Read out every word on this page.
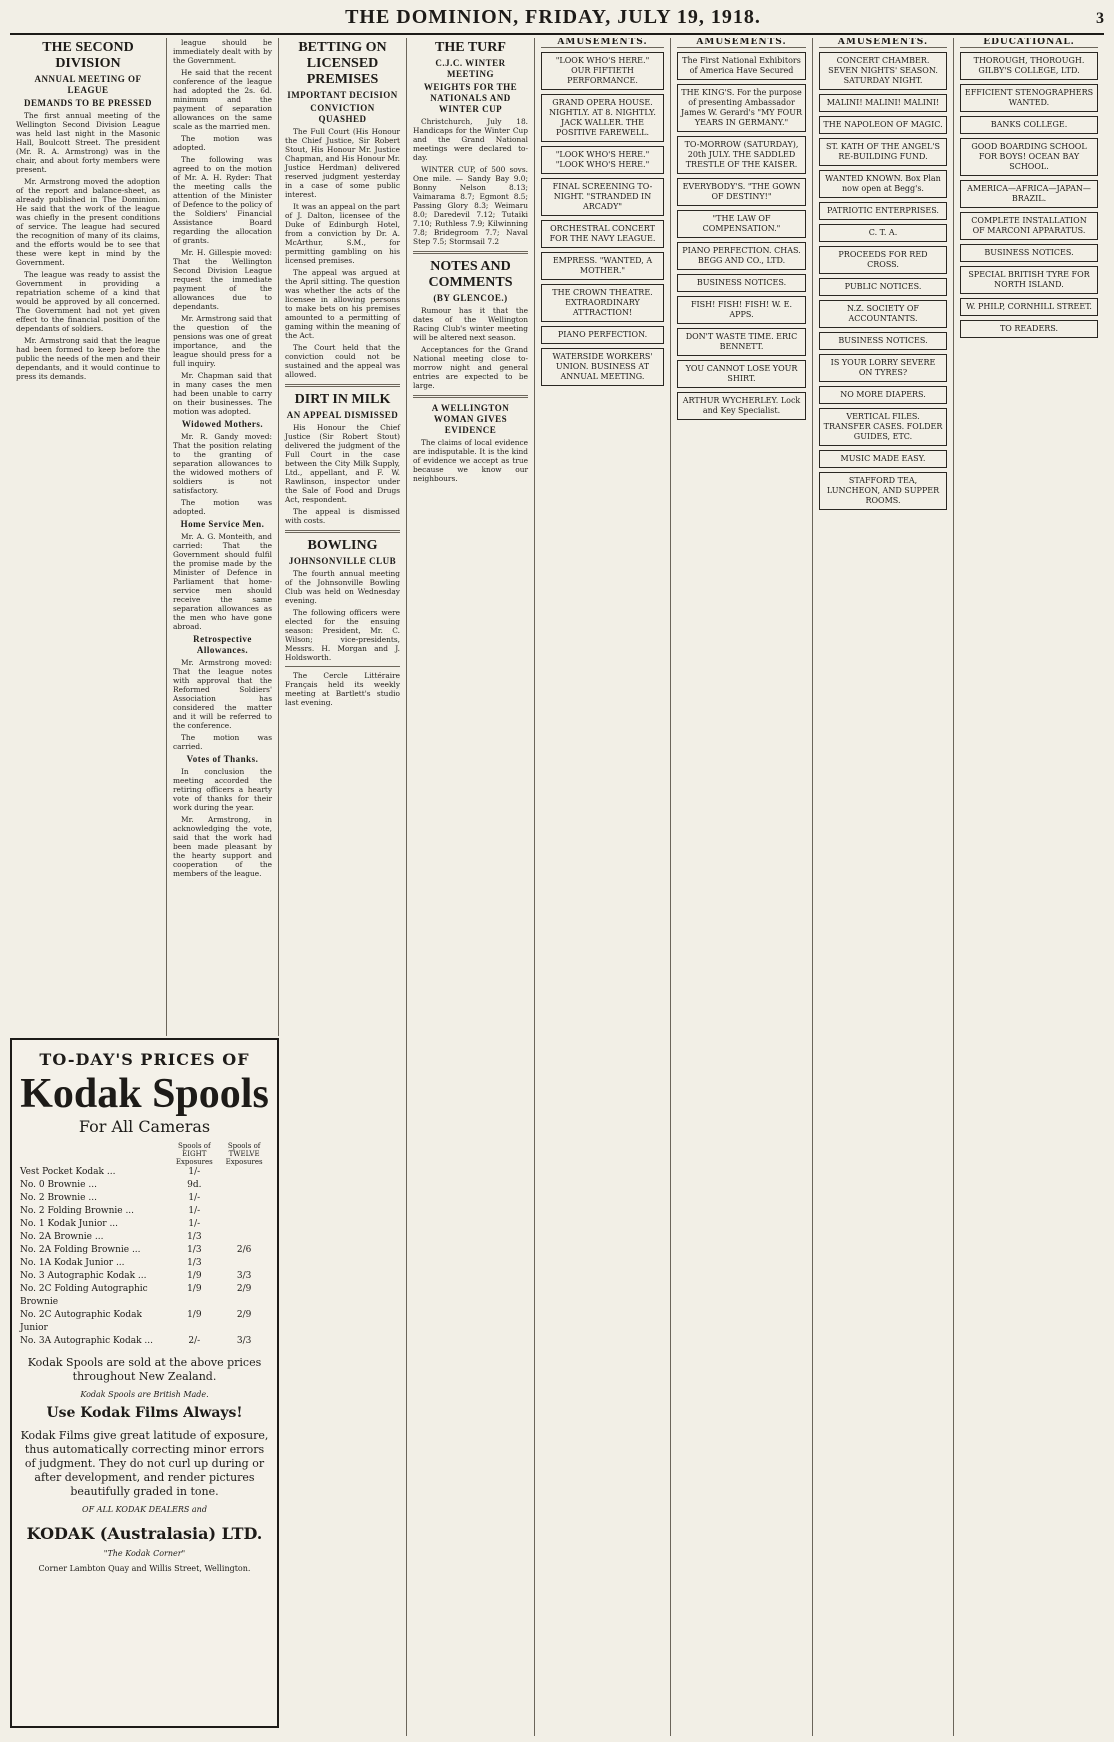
THE DOMINION, FRIDAY, JULY 19, 1918.	3
THE SECOND DIVISION
ANNUAL MEETING OF LEAGUE
DEMANDS TO BE PRESSED

The first annual meeting of the Wellington Second Division League was held last night in the Masonic Hall, Boulcott Street. The president (Mr. R. A. Armstrong) was in the chair, and about forty members were present.

Mr. Armstrong moved the adoption of the report and balance-sheet, as already published in The Dominion. He said that the work of the league was chiefly in the present conditions of service. The league had secured the recognition of many of its claims, and the efforts would be to see that these were kept in mind by the Government.

The league was ready to assist the Government in providing a repatriation scheme of a kind that would be approved by all concerned. The Government had not yet given effect to the financial position of the dependants of soldiers.

Mr. Armstrong said that the league had been formed to keep before the public the needs of the men and their dependants, and it would continue to press its demands.

league should be immediately dealt with by the Government.

He said that the recent conference of the league had adopted the 2s. 6d. minimum and the payment of separation allowances on the same scale as the married men.

The motion was adopted.

The following was agreed to on the motion of Mr. A. H. Ryder: That the meeting calls the attention of the Minister of Defence to the policy of the Soldiers' Financial Assistance Board regarding the allocation of grants.

Mr. H. Gillespie moved: That the Wellington Second Division League request the immediate payment of the allowances due to dependants.

Mr. Armstrong said that the question of the pensions was one of great importance, and the league should press for a full inquiry.

Mr. Chapman said that in many cases the men had been unable to carry on their businesses. The motion was adopted.

Widowed Mothers.

Mr. R. Gandy moved: That the position relating to the granting of separation allowances to the widowed mothers of soldiers is not satisfactory.

The motion was adopted.

Home Service Men.

Mr. A. G. Monteith, and carried: That the Government should fulfil the promise made by the Minister of Defence in Parliament that home-service men should receive the same separation allowances as the men who have gone abroad.

Retrospective Allowances.

Mr. Armstrong moved: That the league notes with approval that the Reformed Soldiers' Association has considered the matter and it will be referred to the conference.

The motion was carried.

Votes of Thanks.

In conclusion the meeting accorded the retiring officers a hearty vote of thanks for their work during the year.

Mr. Armstrong, in acknowledging the vote, said that the work had been made pleasant by the hearty support and cooperation of the members of the league.

TO-DAY'S PRICES OF
Kodak Spools
For All Cameras
Spools of EIGHT Exposures
Spools of TWELVE Exposures
Vest Pocket Kodak ...	1/-
No. 0 Brownie ...	9d.
No. 2 Brownie ...	1/-
No. 2 Folding Brownie ...	1/-
No. 1 Kodak Junior ...	1/-
No. 2A Brownie ...	1/3
No. 2A Folding Brownie ...	1/3	2/6
No. 1A Kodak Junior ...	1/3
No. 3 Autographic Kodak ...	1/9	3/3
No. 2C Folding Autographic Brownie
1/9	2/9
No. 2C Autographic Kodak Junior
1/9	2/9
No. 3A Autographic Kodak ...	2/-	3/3
Kodak Spools are sold at the above prices throughout New Zealand.
Kodak Spools are British Made.
Use Kodak Films Always!
Kodak Films give great latitude of exposure, thus automatically correcting minor errors of judgment. They do not curl up during or after development, and render pictures beautifully graded in tone.
OF ALL KODAK DEALERS and
KODAK (Australasia) LTD.
"The Kodak Corner"
Corner Lambton Quay and Willis Street, Wellington.
BETTING ON LICENSED PREMISES
IMPORTANT DECISION
CONVICTION QUASHED

The Full Court (His Honour the Chief Justice, Sir Robert Stout, His Honour Mr. Justice Chapman, and His Honour Mr. Justice Herdman) delivered reserved judgment yesterday in a case of some public interest.

It was an appeal on the part of J. Dalton, licensee of the Duke of Edinburgh Hotel, from a conviction by Dr. A. McArthur, S.M., for permitting gambling on his licensed premises.

The appeal was argued at the April sitting. The question was whether the acts of the licensee in allowing persons to make bets on his premises amounted to a permitting of gaming within the meaning of the Act.

The Court held that the conviction could not be sustained and the appeal was allowed.

DIRT IN MILK
AN APPEAL DISMISSED

His Honour the Chief Justice (Sir Robert Stout) delivered the judgment of the Full Court in the case between the City Milk Supply, Ltd., appellant, and F. W. Rawlinson, inspector under the Sale of Food and Drugs Act, respondent.

The appeal is dismissed with costs.

BOWLING
JOHNSONVILLE CLUB

The fourth annual meeting of the Johnsonville Bowling Club was held on Wednesday evening.

The following officers were elected for the ensuing season: President, Mr. C. Wilson; vice-presidents, Messrs. H. Morgan and J. Holdsworth.

The Cercle Littéraire Français held its weekly meeting at Bartlett's studio last evening.

THE TURF
C.J.C. WINTER MEETING
WEIGHTS FOR THE NATIONALS AND WINTER CUP

Christchurch, July 18. Handicaps for the Winter Cup and the Grand National meetings were declared to-day.

WINTER CUP, of 500 sovs. One mile. — Sandy Bay 9.0; Bonny Nelson 8.13; Vaimarama 8.7; Egmont 8.5; Passing Glory 8.3; Weimaru 8.0; Daredevil 7.12; Tutaiki 7.10; Ruthless 7.9; Kilwinning 7.8; Bridegroom 7.7; Naval Step 7.5; Stormsail 7.2

NOTES AND COMMENTS
(BY GLENCOE.)

Rumour has it that the dates of the Wellington Racing Club's winter meeting will be altered next season.

Acceptances for the Grand National meeting close to-morrow night and general entries are expected to be large.

A WELLINGTON WOMAN GIVES EVIDENCE

The claims of local evidence are indisputable. It is the kind of evidence we accept as true because we know our neighbours.

AMUSEMENTS.
"LOOK WHO'S HERE." OUR FIFTIETH PERFORMANCE.
GRAND OPERA HOUSE. NIGHTLY. AT 8. NIGHTLY. JACK WALLER. THE POSITIVE FAREWELL.
"LOOK WHO'S HERE." "LOOK WHO'S HERE."
FINAL SCREENING TO-NIGHT. "STRANDED IN ARCADY"
ORCHESTRAL CONCERT FOR THE NAVY LEAGUE.
EMPRESS. "WANTED, A MOTHER."
THE CROWN THEATRE. EXTRAORDINARY ATTRACTION!
PIANO PERFECTION.
WATERSIDE WORKERS' UNION. BUSINESS AT ANNUAL MEETING.
AMUSEMENTS.
The First National Exhibitors of America Have Secured
THE KING'S. For the purpose of presenting Ambassador James W. Gerard's "MY FOUR YEARS IN GERMANY."
TO-MORROW (SATURDAY), 20th JULY. THE SADDLED TRESTLE OF THE KAISER.
EVERYBODY'S. "THE GOWN OF DESTINY!"
"THE LAW OF COMPENSATION."
PIANO PERFECTION. CHAS. BEGG AND CO., LTD.
BUSINESS NOTICES.
FISH! FISH! FISH! W. E. APPS.
DON'T WASTE TIME. ERIC BENNETT.
YOU CANNOT LOSE YOUR SHIRT.
ARTHUR WYCHERLEY. Lock and Key Specialist.
AMUSEMENTS.
CONCERT CHAMBER. SEVEN NIGHTS' SEASON. SATURDAY NIGHT.
MALINI! MALINI! MALINI!
THE NAPOLEON OF MAGIC.
ST. KATH OF THE ANGEL'S RE-BUILDING FUND.
WANTED KNOWN. Box Plan now open at Begg's.
PATRIOTIC ENTERPRISES.
C. T. A.
PROCEEDS FOR RED CROSS.
PUBLIC NOTICES.
N.Z. SOCIETY OF ACCOUNTANTS.
BUSINESS NOTICES.
IS YOUR LORRY SEVERE ON TYRES?
NO MORE DIAPERS.
VERTICAL FILES. TRANSFER CASES. FOLDER GUIDES, ETC.
MUSIC MADE EASY.
STAFFORD TEA, LUNCHEON, AND SUPPER ROOMS.
EDUCATIONAL.
THOROUGH, THOROUGH. GILBY'S COLLEGE, LTD.
EFFICIENT STENOGRAPHERS WANTED.
BANKS COLLEGE.
GOOD BOARDING SCHOOL FOR BOYS! OCEAN BAY SCHOOL.
AMERICA—AFRICA—JAPAN—BRAZIL.
COMPLETE INSTALLATION OF MARCONI APPARATUS.
BUSINESS NOTICES.
SPECIAL BRITISH TYRE FOR NORTH ISLAND.
W. PHILP, CORNHILL STREET.
TO READERS.
